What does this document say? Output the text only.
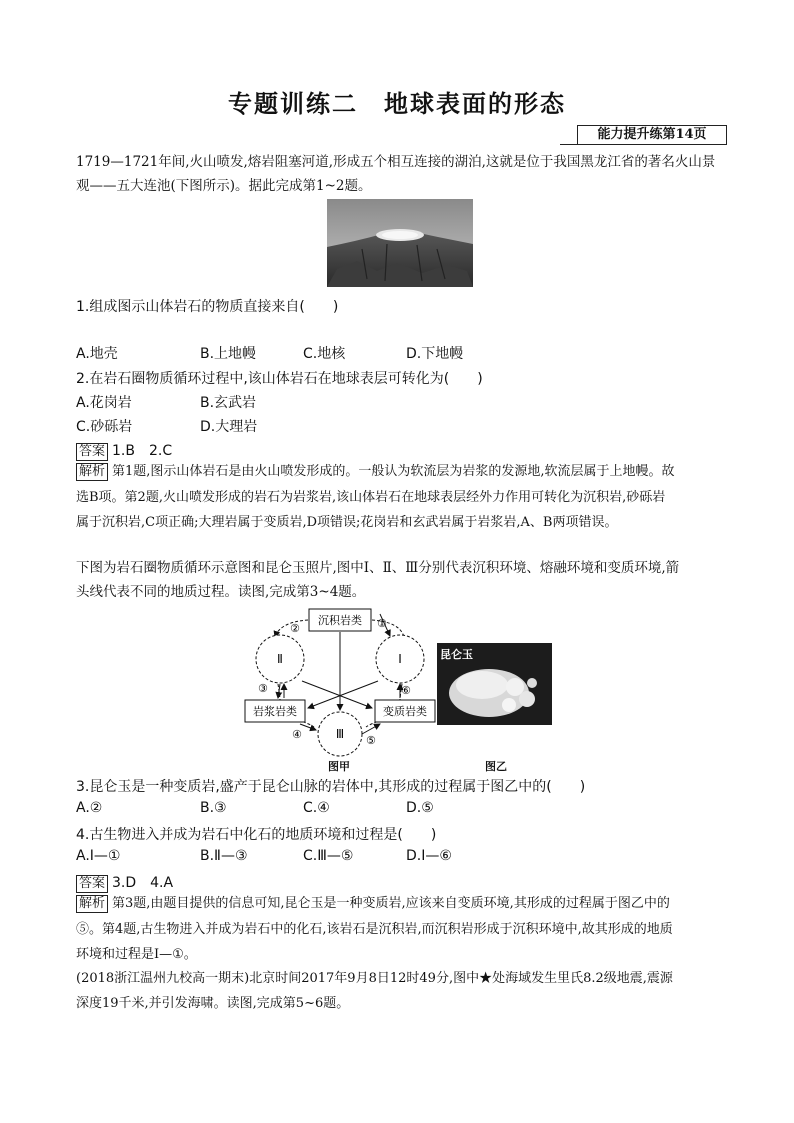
专题训练二　地球表面的形态
能力提升练第14页
1719—1721年间,火山喷发,熔岩阻塞河道,形成五个相互连接的湖泊,这就是位于我国黑龙江省的著名火山景
观——五大连池(下图所示)。据此完成第1~2题。
1.组成图示山体岩石的物质直接来自(　　)
A.地壳	B.上地幔	C.地核	D.下地幔
2.在岩石圈物质循环过程中,该山体岩石在地球表层可转化为(　　)
A.花岗岩	B.玄武岩
C.砂砾岩	D.大理岩
答案 1.B　2.C
解析 第1题,图示山体岩石是由火山喷发形成的。一般认为软流层为岩浆的发源地,软流层属于上地幔。故
选B项。第2题,火山喷发形成的岩石为岩浆岩,该山体岩石在地球表层经外力作用可转化为沉积岩,砂砾岩
属于沉积岩,C项正确;大理岩属于变质岩,D项错误;花岗岩和玄武岩属于岩浆岩,A、B两项错误。
下图为岩石圈物质循环示意图和昆仑玉照片,图中Ⅰ、Ⅱ、Ⅲ分别代表沉积环境、熔融环境和变质环境,箭
头线代表不同的地质过程。读图,完成第3~4题。
沉积岩类
岩浆岩类	变质岩类
Ⅱ	Ⅰ
Ⅲ
①
②
③
④	⑤
⑥
昆仑玉
图甲	图乙
3.昆仑玉是一种变质岩,盛产于昆仑山脉的岩体中,其形成的过程属于图乙中的(　　)
A.②	B.③	C.④	D.⑤
4.古生物进入并成为岩石中化石的地质环境和过程是(　　)
A.Ⅰ—①	B.Ⅱ—③	C.Ⅲ—⑤	D.Ⅰ—⑥
答案 3.D　4.A
解析 第3题,由题目提供的信息可知,昆仑玉是一种变质岩,应该来自变质环境,其形成的过程属于图乙中的
⑤。第4题,古生物进入并成为岩石中的化石,该岩石是沉积岩,而沉积岩形成于沉积环境中,故其形成的地质
环境和过程是Ⅰ—①。
(2018浙江温州九校高一期末)北京时间2017年9月8日12时49分,图中★处海域发生里氏8.2级地震,震源
深度19千米,并引发海啸。读图,完成第5~6题。
